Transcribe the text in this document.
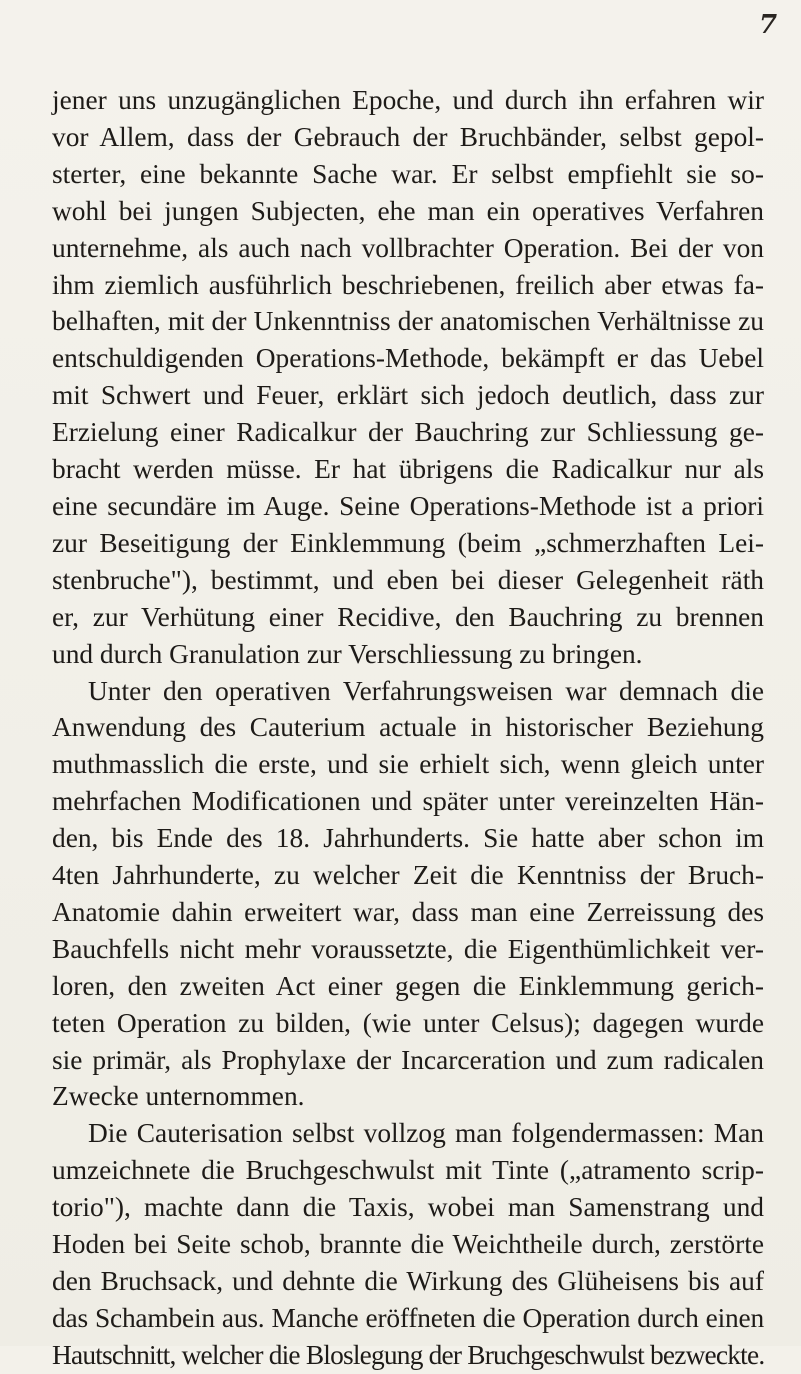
7
jener uns unzugänglichen Epoche, und durch ihn erfahren wir
vor Allem, dass der Gebrauch der Bruchbänder, selbst gepol-
sterter, eine bekannte Sache war. Er selbst empfiehlt sie so-
wohl bei jungen Subjecten, ehe man ein operatives Verfahren
unternehme, als auch nach vollbrachter Operation. Bei der von
ihm ziemlich ausführlich beschriebenen, freilich aber etwas fa-
belhaften, mit der Unkenntniss der anatomischen Verhältnisse zu
entschuldigenden Operations-Methode, bekämpft er das Uebel
mit Schwert und Feuer, erklärt sich jedoch deutlich, dass zur
Erzielung einer Radicalkur der Bauchring zur Schliessung ge-
bracht werden müsse. Er hat übrigens die Radicalkur nur als
eine secundäre im Auge. Seine Operations-Methode ist a priori
zur Beseitigung der Einklemmung (beim „schmerzhaften Lei-
stenbruche"), bestimmt, und eben bei dieser Gelegenheit räth
er, zur Verhütung einer Recidive, den Bauchring zu brennen
und durch Granulation zur Verschliessung zu bringen.
Unter den operativen Verfahrungsweisen war demnach die
Anwendung des Cauterium actuale in historischer Beziehung
muthmasslich die erste, und sie erhielt sich, wenn gleich unter
mehrfachen Modificationen und später unter vereinzelten Hän-
den, bis Ende des 18. Jahrhunderts. Sie hatte aber schon im
4ten Jahrhunderte, zu welcher Zeit die Kenntniss der Bruch-
Anatomie dahin erweitert war, dass man eine Zerreissung des
Bauchfells nicht mehr voraussetzte, die Eigenthümlichkeit ver-
loren, den zweiten Act einer gegen die Einklemmung gerich-
teten Operation zu bilden, (wie unter Celsus); dagegen wurde
sie primär, als Prophylaxe der Incarceration und zum radicalen
Zwecke unternommen.
Die Cauterisation selbst vollzog man folgendermassen: Man
umzeichnete die Bruchgeschwulst mit Tinte („atramento scrip-
torio"), machte dann die Taxis, wobei man Samenstrang und
Hoden bei Seite schob, brannte die Weichtheile durch, zerstörte
den Bruchsack, und dehnte die Wirkung des Glüheisens bis auf
das Schambein aus. Manche eröffneten die Operation durch einen
Hautschnitt, welcher die Bloslegung der Bruchgeschwulst bezweckte.
